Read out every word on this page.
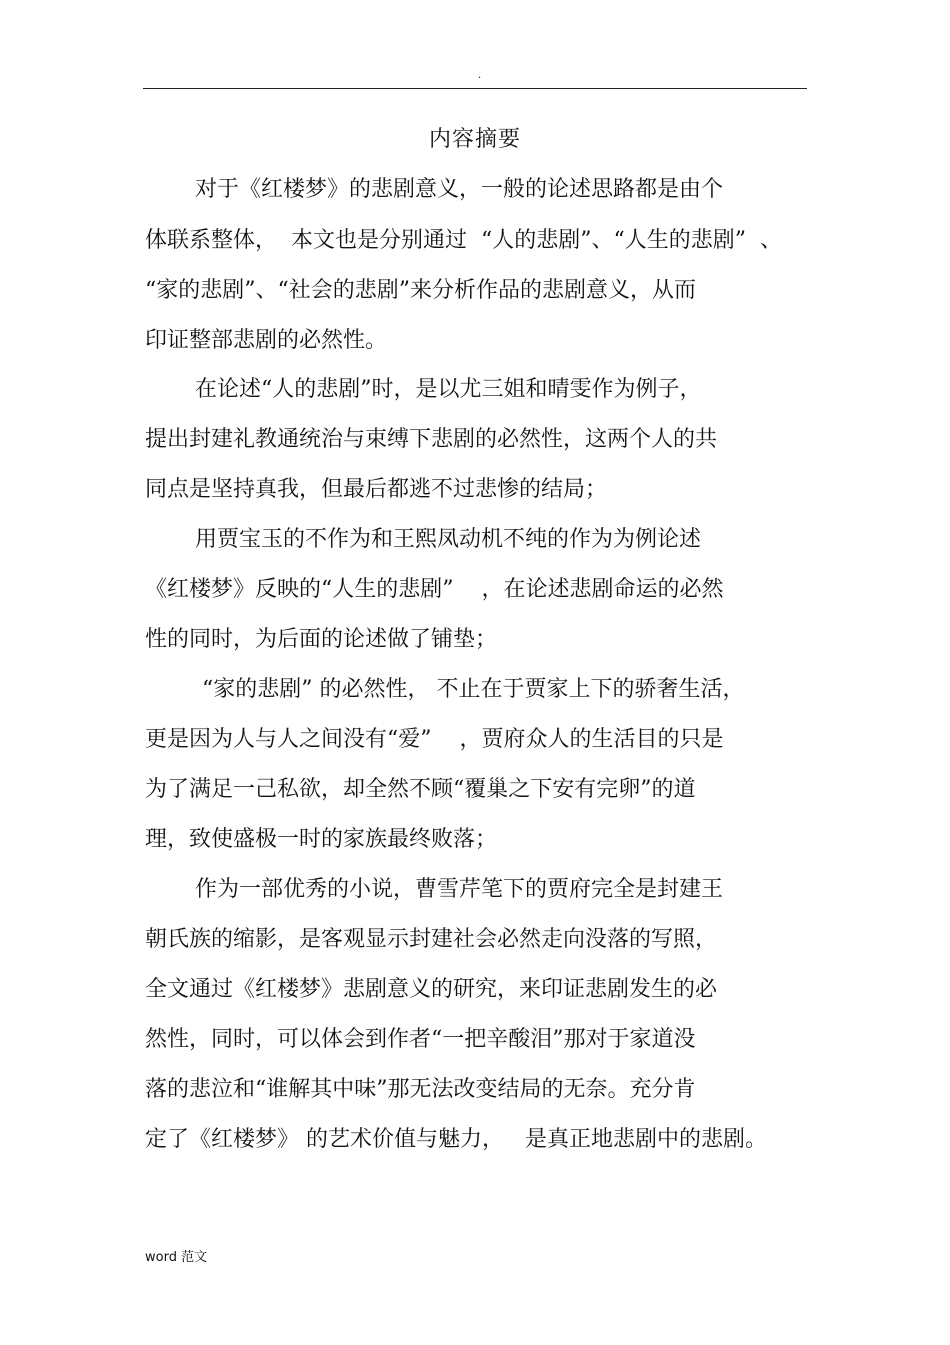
.
内容摘要
对于《红楼梦》的悲剧意义，一般的论述思路都是由个
体联系整体，  本文也是分别通过  “人的悲剧”、“人生的悲剧”  、
“家的悲剧”、“社会的悲剧”来分析作品的悲剧意义，从而
印证整部悲剧的必然性。
在论述“人的悲剧”时，是以尤三姐和晴雯作为例子，
提出封建礼教通统治与束缚下悲剧的必然性，这两个人的共
同点是坚持真我，但最后都逃不过悲惨的结局；
用贾宝玉的不作为和王熙凤动机不纯的作为为例论述
《红楼梦》反映的“人生的悲剧”    ，在论述悲剧命运的必然
性的同时，为后面的论述做了铺垫；
“家的悲剧” 的必然性， 不止在于贾家上下的骄奢生活，
更是因为人与人之间没有“爱”    ，贾府众人的生活目的只是
为了满足一己私欲，却全然不顾“覆巢之下安有完卵”的道
理，致使盛极一时的家族最终败落；
作为一部优秀的小说，曹雪芹笔下的贾府完全是封建王
朝氏族的缩影，是客观显示封建社会必然走向没落的写照，
全文通过《红楼梦》悲剧意义的研究，来印证悲剧发生的必
然性，同时，可以体会到作者“一把辛酸泪”那对于家道没
落的悲泣和“谁解其中味”那无法改变结局的无奈。充分肯
定了《红楼梦》 的艺术价值与魅力，   是真正地悲剧中的悲剧。
word 范文
